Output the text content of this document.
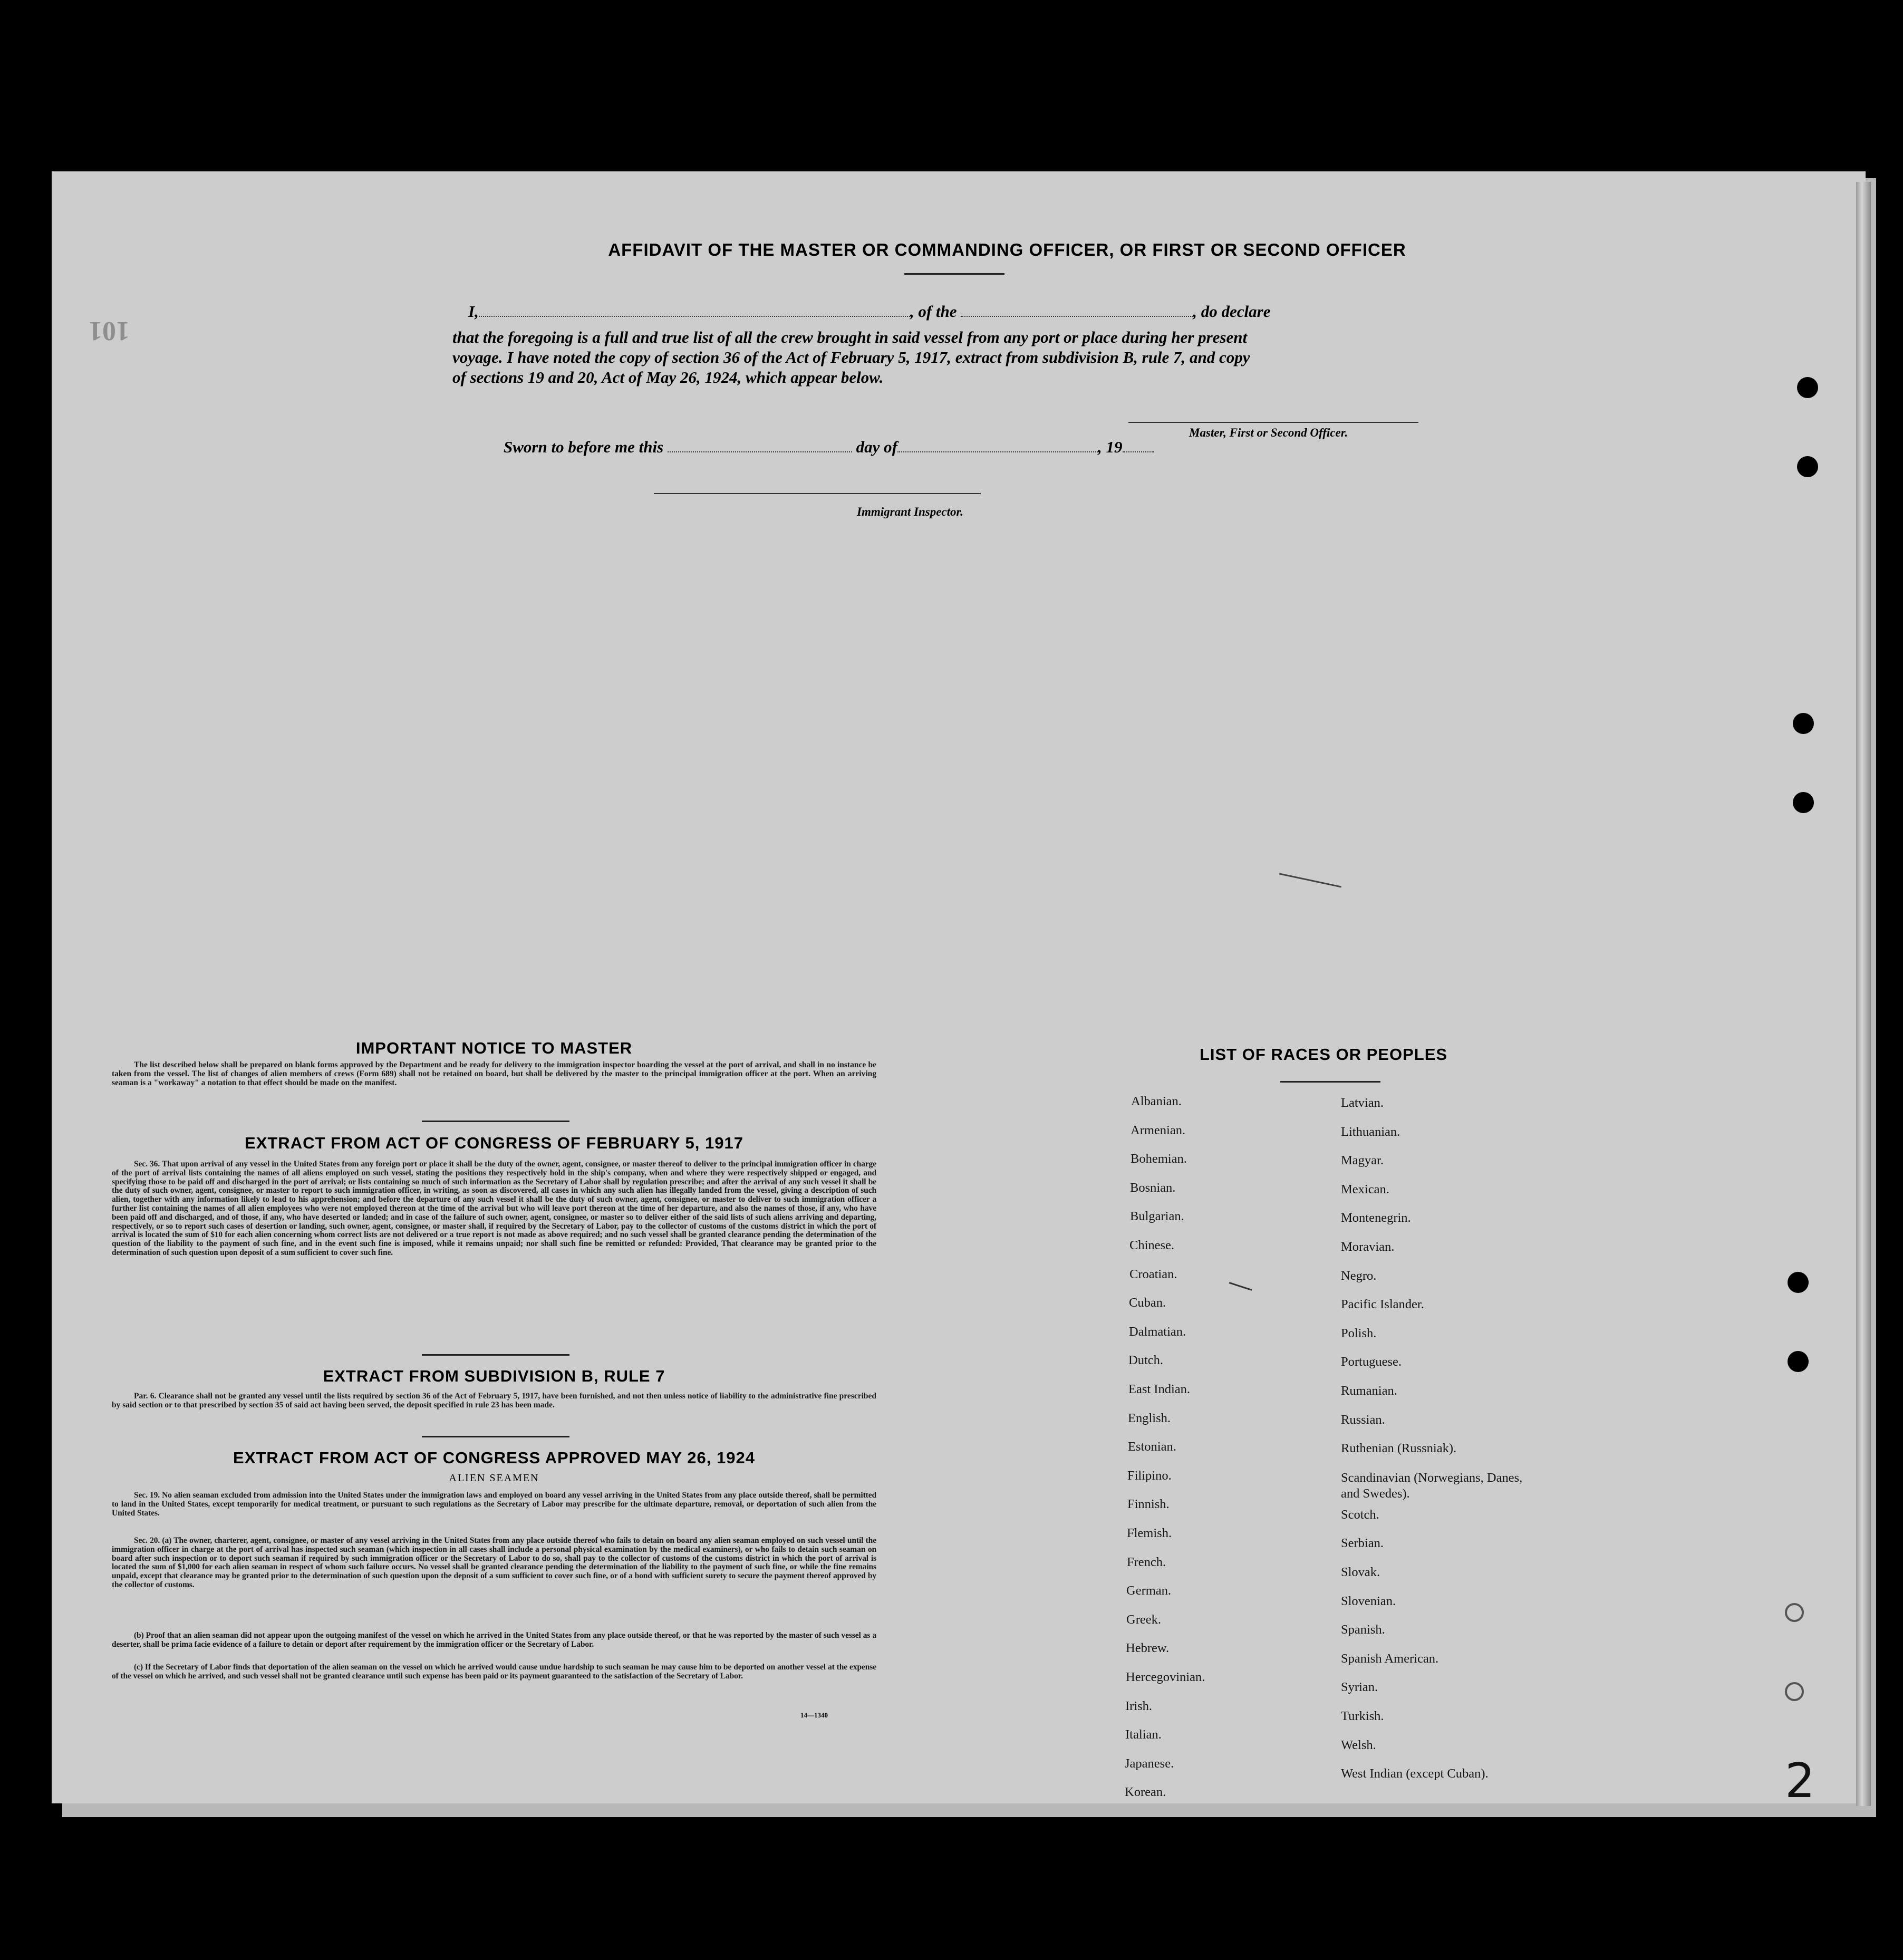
101
AFFIDAVIT OF THE MASTER OR COMMANDING OFFICER, OR FIRST OR SECOND OFFICER
I,	, of the	, do declare
that the foregoing is a full and true list of all the crew brought in said vessel from any port or place during her present
voyage. I have noted the copy of section 36 of the Act of February 5, 1917, extract from subdivision B, rule 7, and copy
of sections 19 and 20, Act of May 26, 1924, which appear below.
Master, First or Second Officer.
Sworn to before me this	day of	, 19
Immigrant Inspector.
IMPORTANT NOTICE TO MASTER
The list described below shall be prepared on blank forms approved by the Department and be ready for delivery to the immigration inspector boarding the vessel at the port of arrival, and shall in no instance be taken from the vessel. The list of changes of alien members of crews (Form 689) shall not be retained on board, but shall be delivered by the master to the principal immigration officer at the port. When an arriving seaman is a "workaway" a notation to that effect should be made on the manifest.
EXTRACT FROM ACT OF CONGRESS OF FEBRUARY 5, 1917
Sec. 36. That upon arrival of any vessel in the United States from any foreign port or place it shall be the duty of the owner, agent, consignee, or master thereof to deliver to the principal immigration officer in charge of the port of arrival lists containing the names of all aliens employed on such vessel, stating the positions they respectively hold in the ship's company, when and where they were respectively shipped or engaged, and specifying those to be paid off and discharged in the port of arrival; or lists containing so much of such information as the Secretary of Labor shall by regulation prescribe; and after the arrival of any such vessel it shall be the duty of such owner, agent, consignee, or master to report to such immigration officer, in writing, as soon as discovered, all cases in which any such alien has illegally landed from the vessel, giving a description of such alien, together with any information likely to lead to his apprehension; and before the departure of any such vessel it shall be the duty of such owner, agent, consignee, or master to deliver to such immigration officer a further list containing the names of all alien employees who were not employed thereon at the time of the arrival but who will leave port thereon at the time of her departure, and also the names of those, if any, who have been paid off and discharged, and of those, if any, who have deserted or landed; and in case of the failure of such owner, agent, consignee, or master so to deliver either of the said lists of such aliens arriving and departing, respectively, or so to report such cases of desertion or landing, such owner, agent, consignee, or master shall, if required by the Secretary of Labor, pay to the collector of customs of the customs district in which the port of arrival is located the sum of $10 for each alien concerning whom correct lists are not delivered or a true report is not made as above required; and no such vessel shall be granted clearance pending the determination of the question of the liability to the payment of such fine, and in the event such fine is imposed, while it remains unpaid; nor shall such fine be remitted or refunded: Provided, That clearance may be granted prior to the determination of such question upon deposit of a sum sufficient to cover such fine.
EXTRACT FROM SUBDIVISION B, RULE 7
Par. 6. Clearance shall not be granted any vessel until the lists required by section 36 of the Act of February 5, 1917, have been furnished, and not then unless notice of liability to the administrative fine prescribed by said section or to that prescribed by section 35 of said act having been served, the deposit specified in rule 23 has been made.
EXTRACT FROM ACT OF CONGRESS APPROVED MAY 26, 1924
ALIEN SEAMEN
Sec. 19. No alien seaman excluded from admission into the United States under the immigration laws and employed on board any vessel arriving in the United States from any place outside thereof, shall be permitted to land in the United States, except temporarily for medical treatment, or pursuant to such regulations as the Secretary of Labor may prescribe for the ultimate departure, removal, or deportation of such alien from the United States.
Sec. 20. (a) The owner, charterer, agent, consignee, or master of any vessel arriving in the United States from any place outside thereof who fails to detain on board any alien seaman employed on such vessel until the immigration officer in charge at the port of arrival has inspected such seaman (which inspection in all cases shall include a personal physical examination by the medical examiners), or who fails to detain such seaman on board after such inspection or to deport such seaman if required by such immigration officer or the Secretary of Labor to do so, shall pay to the collector of customs of the customs district in which the port of arrival is located the sum of $1,000 for each alien seaman in respect of whom such failure occurs. No vessel shall be granted clearance pending the determination of the liability to the payment of such fine, or while the fine remains unpaid, except that clearance may be granted prior to the determination of such question upon the deposit of a sum sufficient to cover such fine, or of a bond with sufficient surety to secure the payment thereof approved by the collector of customs.
(b) Proof that an alien seaman did not appear upon the outgoing manifest of the vessel on which he arrived in the United States from any place outside thereof, or that he was reported by the master of such vessel as a deserter, shall be prima facie evidence of a failure to detain or deport after requirement by the immigration officer or the Secretary of Labor.
(c) If the Secretary of Labor finds that deportation of the alien seaman on the vessel on which he arrived would cause undue hardship to such seaman he may cause him to be deported on another vessel at the expense of the vessel on which he arrived, and such vessel shall not be granted clearance until such expense has been paid or its payment guaranteed to the satisfaction of the Secretary of Labor.
14—1340
LIST OF RACES OR PEOPLES
Albanian.
Armenian.
Bohemian.
Bosnian.
Bulgarian.
Chinese.
Croatian.
Cuban.
Dalmatian.
Dutch.
East Indian.
English.
Estonian.
Filipino.
Finnish.
Flemish.
French.
German.
Greek.
Hebrew.
Hercegovinian.
Irish.
Italian.
Japanese.
Korean.
Latvian.
Lithuanian.
Magyar.
Mexican.
Montenegrin.
Moravian.
Negro.
Pacific Islander.
Polish.
Portuguese.
Rumanian.
Russian.
Ruthenian (Russniak).
Scandinavian (Norwegians, Danes, and Swedes).
Scotch.
Serbian.
Slovak.
Slovenian.
Spanish.
Spanish American.
Syrian.
Turkish.
Welsh.
West Indian (except Cuban).	2
